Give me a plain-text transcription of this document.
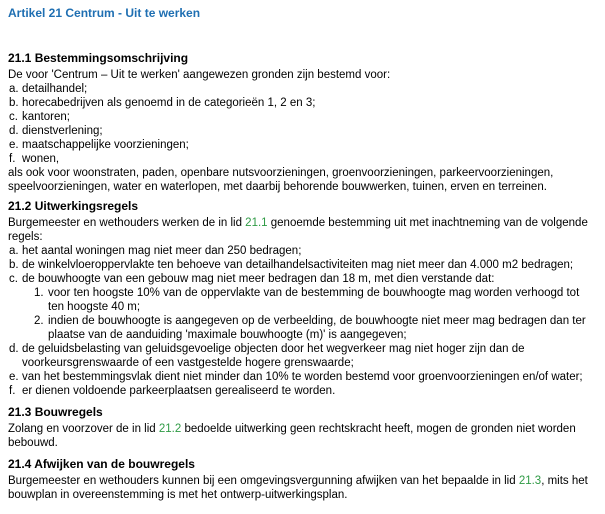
Artikel 21 Centrum - Uit te werken
21.1 Bestemmingsomschrijving

De voor 'Centrum – Uit te werken' aangewezen gronden zijn bestemd voor:

a. detailhandel;
b. horecabedrijven als genoemd in de categorieën 1, 2 en 3;
c. kantoren;
d. dienstverlening;
e. maatschappelijke voorzieningen;
f. wonen,

als ook voor woonstraten, paden, openbare nutsvoorzieningen, groenvoorzieningen, parkeervoorzieningen, speelvoorzieningen, water en waterlopen, met daarbij behorende bouwwerken, tuinen, erven en terreinen.

21.2 Uitwerkingsregels

Burgemeester en wethouders werken de in lid 21.1 genoemde bestemming uit met inachtneming van de volgende regels:

a. het aantal woningen mag niet meer dan 250 bedragen;
b. de winkelvloeroppervlakte ten behoeve van detailhandelsactiviteiten mag niet meer dan 4.000 m2 bedragen;
c. de bouwhoogte van een gebouw mag niet meer bedragen dan 18 m, met dien verstande dat:
1. voor ten hoogste 10% van de oppervlakte van de bestemming de bouwhoogte mag worden verhoogd tot ten hoogste 40 m;
2. indien de bouwhoogte is aangegeven op de verbeelding, de bouwhoogte niet meer mag bedragen dan ter plaatse van de aanduiding 'maximale bouwhoogte (m)' is aangegeven;
d. de geluidsbelasting van geluidsgevoelige objecten door het wegverkeer mag niet hoger zijn dan de voorkeursgrenswaarde of een vastgestelde hogere grenswaarde;
e. van het bestemmingsvlak dient niet minder dan 10% te worden bestemd voor groenvoorzieningen en/of water;
f. er dienen voldoende parkeerplaatsen gerealiseerd te worden.
21.3 Bouwregels

Zolang en voorzover de in lid 21.2 bedoelde uitwerking geen rechtskracht heeft, mogen de gronden niet worden bebouwd.

21.4 Afwijken van de bouwregels

Burgemeester en wethouders kunnen bij een omgevingsvergunning afwijken van het bepaalde in lid 21.3, mits het bouwplan in overeenstemming is met het ontwerp-uitwerkingsplan.
